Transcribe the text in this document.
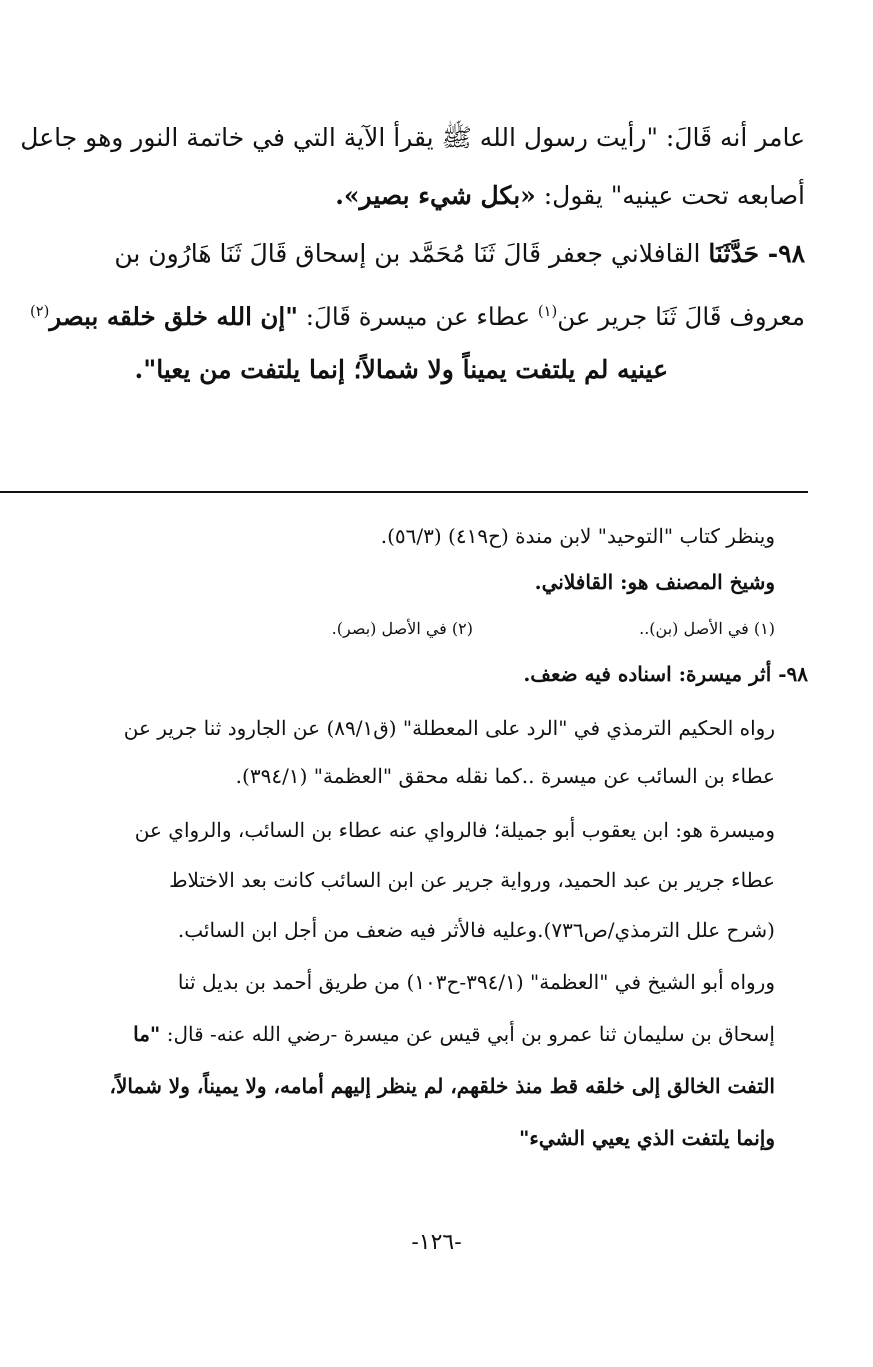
عامر أنه قَالَ: "رأيت رسول الله ﷺ يقرأ الآية التي في خاتمة النور وهو جاعل
أصابعه تحت عينيه" يقول: «بكل شيء بصير».
٩٨- حَدَّثَنَا القافلاني جعفر قَالَ ثَنَا مُحَمَّد بن إسحاق قَالَ ثَنَا هَارُون بن
معروف قَالَ ثَنَا جرير عن$^{(١)}$ عطاء عن ميسرة قَالَ: "إن الله خلق خلقه ببصر$^{(٢)}$
عينيه لم يلتفت يميناً ولا شمالاً؛ إنما يلتفت من يعيا".
وينظر كتاب "التوحيد" لابن مندة (ح٤١٩) (٥٦/٣).
وشيخ المصنف هو: القافلاني.
(١) في الأصل (بن)..
(٢) في الأصل (بصر).
٩٨- أثر ميسرة: اسناده فيه ضعف.
رواه الحكيم الترمذي في "الرد على المعطلة" (ق٨٩/١) عن الجارود ثنا جرير عن
عطاء بن السائب عن ميسرة ..كما نقله محقق "العظمة" (٣٩٤/١).
وميسرة هو: ابن يعقوب أبو جميلة؛ فالرواي عنه عطاء بن السائب، والرواي عن
عطاء جرير بن عبد الحميد، ورواية جرير عن ابن السائب كانت بعد الاختلاط
(شرح علل الترمذي/ص٧٣٦).وعليه فالأثر فيه ضعف من أجل ابن السائب.
ورواه أبو الشيخ في "العظمة" (٣٩٤/١-ح١٠٣) من طريق أحمد بن بديل ثنا
إسحاق بن سليمان ثنا عمرو بن أبي قيس عن ميسرة -رضي الله عنه- قال: "ما
التفت الخالق إلى خلقه قط منذ خلقهم، لم ينظر إليهم أمامه، ولا يميناً، ولا شمالاً،
وإنما يلتفت الذي يعيي الشيء"
-١٢٦-
